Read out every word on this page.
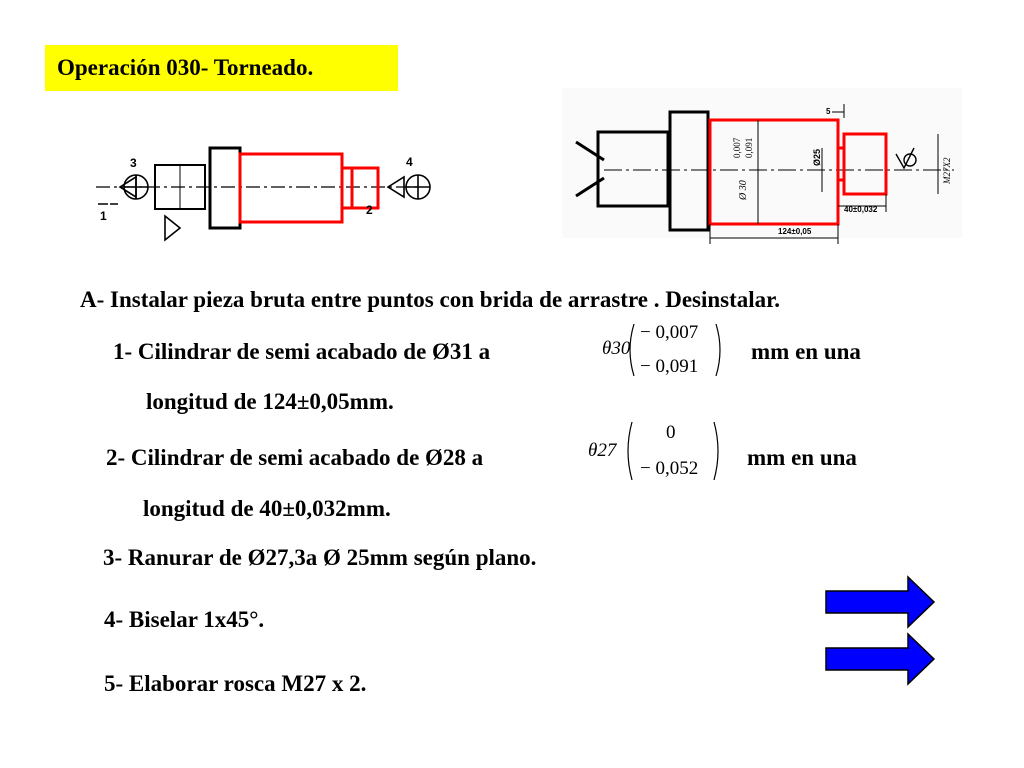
Operación 030- Torneado.
1	2
3	4
5
Ø25
0,007 0,091
Ø 30
M27X2
40±0,032
124±0,05
A- Instalar pieza bruta entre puntos con brida de arrastre . Desinstalar.
1- Cilindrar de semi acabado de Ø31 a	θ30
− 0,007
− 0,091
mm en una
longitud de 124±0,05mm.
2- Cilindrar de semi acabado de Ø28 a	θ27
0
− 0,052 mm en una
longitud de 40±0,032mm.
3- Ranurar de Ø27,3a Ø 25mm según plano.
4- Biselar 1x45°.
5- Elaborar rosca M27 x 2.
